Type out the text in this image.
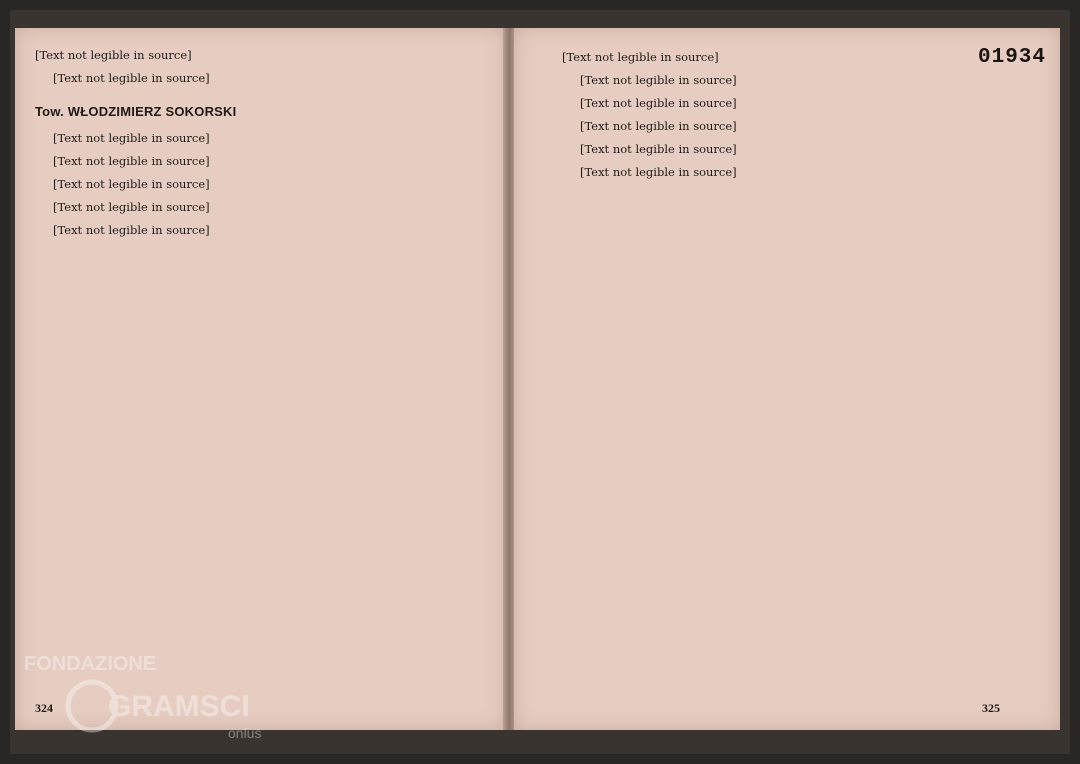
[Text not legible in source]

[Text not legible in source]

Tow. WŁODZIMIERZ SOKORSKI

[Text not legible in source]

[Text not legible in source]

[Text not legible in source]

[Text not legible in source]

[Text not legible in source]

324
01934

[Text not legible in source]

[Text not legible in source]

[Text not legible in source]

[Text not legible in source]

[Text not legible in source]

[Text not legible in source]

325
FONDAZIONE
GRAMSCI
onlus
